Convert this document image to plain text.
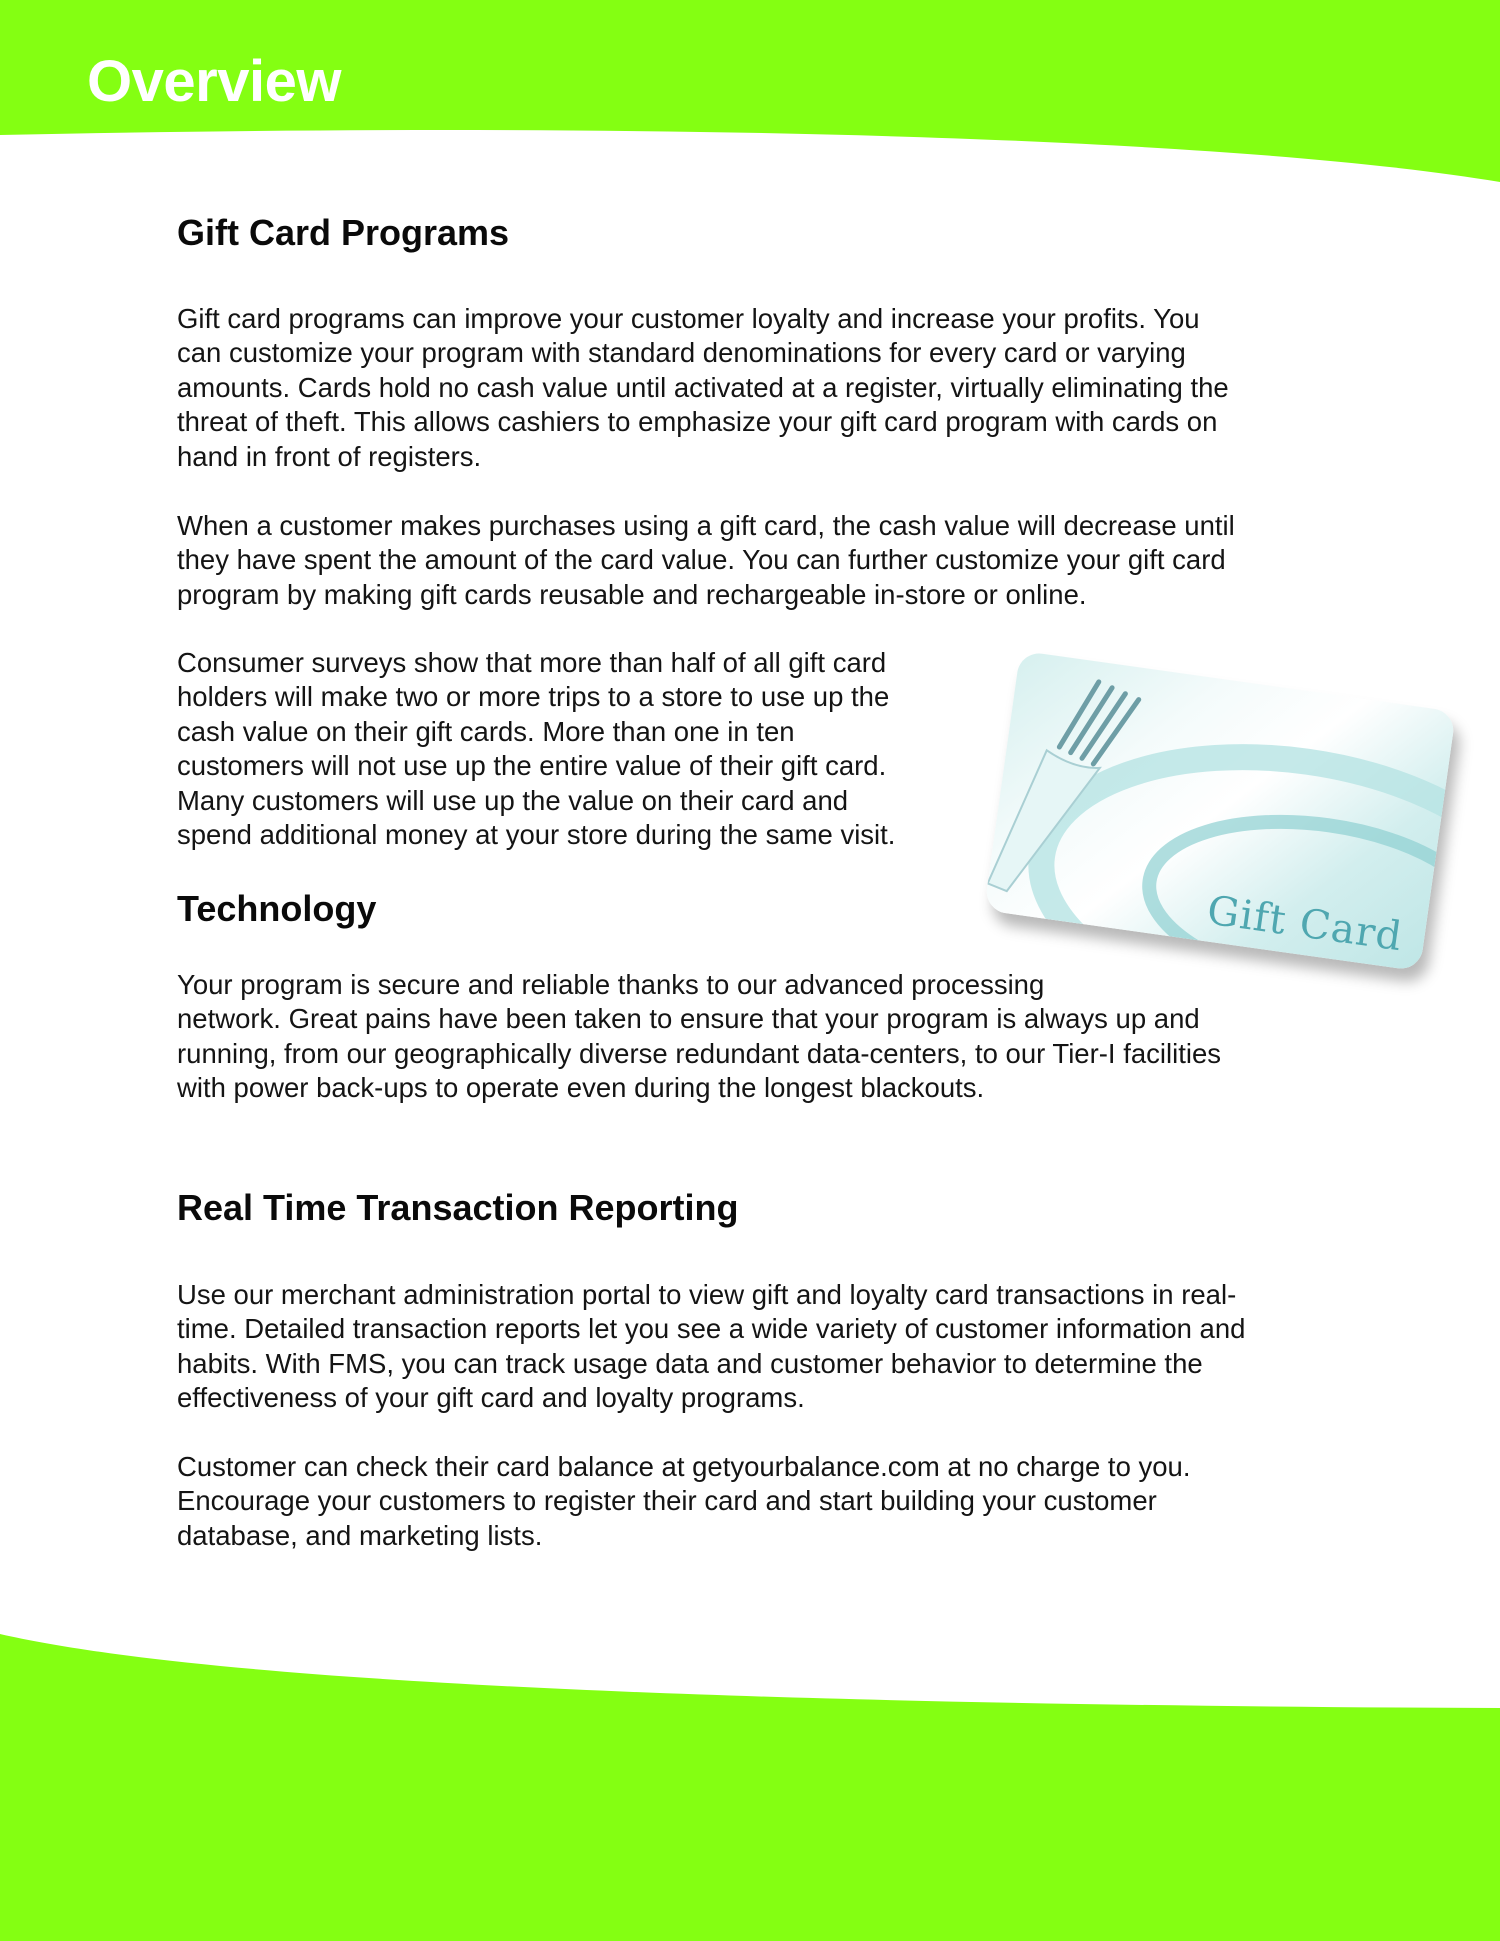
Overview
Gift Card Programs
Gift card programs can improve your customer loyalty and increase your profits. You
can customize your program with standard denominations for every card or varying
amounts. Cards hold no cash value until activated at a register, virtually eliminating the
threat of theft. This allows cashiers to emphasize your gift card program with cards on
hand in front of registers.
When a customer makes purchases using a gift card, the cash value will decrease until
they have spent the amount of the card value. You can further customize your gift card
program by making gift cards reusable and rechargeable in-store or online.
Consumer surveys show that more than half of all gift card
holders will make two or more trips to a store to use up the
cash value on their gift cards. More than one in ten
customers will not use up the entire value of their gift card.
Many customers will use up the value on their card and
spend additional money at your store during the same visit.
Gift Card
Technology
Your program is secure and reliable thanks to our advanced processing
network. Great pains have been taken to ensure that your program is always up and
running, from our geographically diverse redundant data-centers, to our Tier-I facilities
with power back-ups to operate even during the longest blackouts.
Real Time Transaction Reporting
Use our merchant administration portal to view gift and loyalty card transactions in real-
time. Detailed transaction reports let you see a wide variety of customer information and
habits. With FMS, you can track usage data and customer behavior to determine the
effectiveness of your gift card and loyalty programs.
Customer can check their card balance at getyourbalance.com at no charge to you.
Encourage your customers to register their card and start building your customer
database, and marketing lists.
